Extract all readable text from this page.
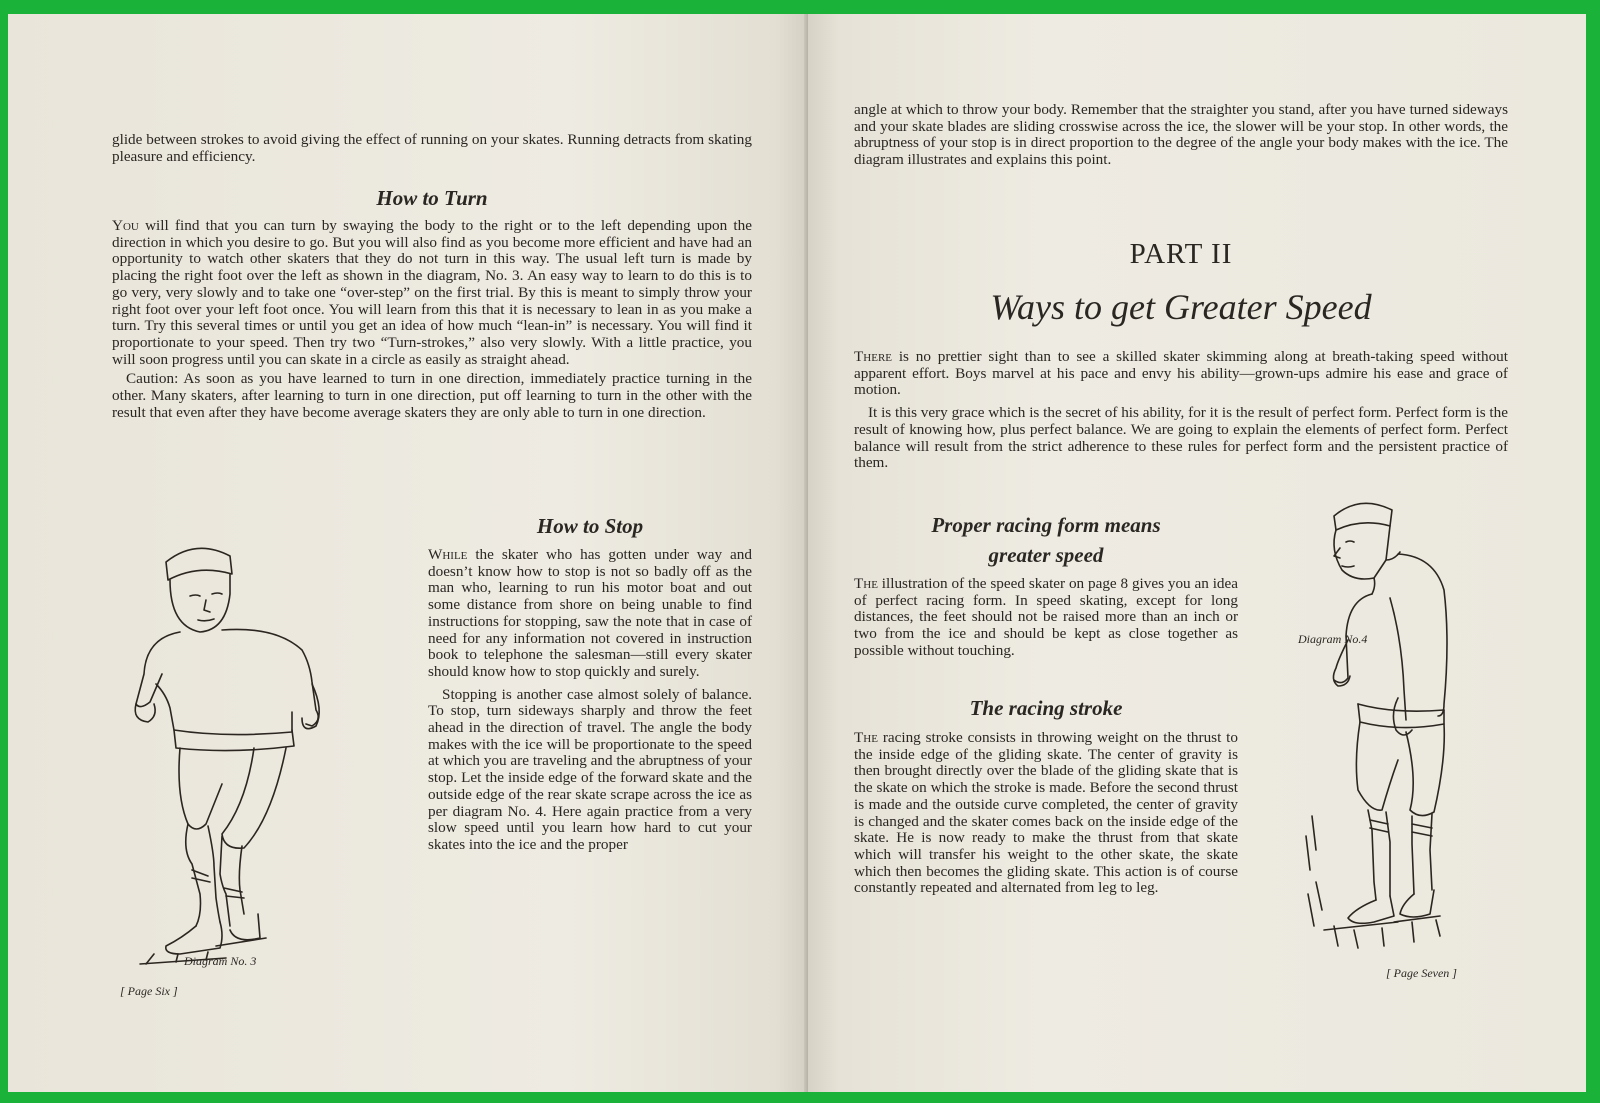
glide between strokes to avoid giving the effect of running on your skates. Running detracts from skating pleasure and efficiency.

How to Turn

You will find that you can turn by swaying the body to the right or to the left depending upon the direction in which you desire to go. But you will also find as you become more efficient and have had an opportunity to watch other skaters that they do not turn in this way. The usual left turn is made by placing the right foot over the left as shown in the diagram, No. 3. An easy way to learn to do this is to go very, very slowly and to take one “over-step” on the first trial. By this is meant to simply throw your right foot over your left foot once. You will learn from this that it is necessary to lean in as you make a turn. Try this several times or until you get an idea of how much “lean-in” is necessary. You will find it proportionate to your speed. Then try two “Turn-strokes,” also very slowly. With a little practice, you will soon progress until you can skate in a circle as easily as straight ahead.

Caution: As soon as you have learned to turn in one direction, immediately practice turning in the other. Many skaters, after learning to turn in one direction, put off learning to turn in the other with the result that even after they have become average skaters they are only able to turn in one direction.

How to Stop

While the skater who has gotten under way and doesn’t know how to stop is not so badly off as the man who, learning to run his motor boat and out some distance from shore on being unable to find instructions for stopping, saw the note that in case of need for any information not covered in instruction book to telephone the salesman—still every skater should know how to stop quickly and surely.

Stopping is another case almost solely of balance. To stop, turn sideways sharply and throw the feet ahead in the direction of travel. The angle the body makes with the ice will be proportionate to the speed at which you are traveling and the abruptness of your stop. Let the inside edge of the forward skate and the outside edge of the rear skate scrape across the ice as per diagram No. 4. Here again practice from a very slow speed until you learn how hard to cut your skates into the ice and the proper

Diagram No. 3
[ Page Six ]

angle at which to throw your body. Remember that the straighter you stand, after you have turned sideways and your skate blades are sliding crosswise across the ice, the slower will be your stop. In other words, the abruptness of your stop is in direct proportion to the degree of the angle your body makes with the ice. The diagram illustrates and explains this point.

PART II

Ways to get Greater Speed

There is no prettier sight than to see a skilled skater skimming along at breath-taking speed without apparent effort. Boys marvel at his pace and envy his ability—grown-ups admire his ease and grace of motion.

It is this very grace which is the secret of his ability, for it is the result of perfect form. Perfect form is the result of knowing how, plus perfect balance. We are going to explain the elements of perfect form. Perfect balance will result from the strict adherence to these rules for perfect form and the persistent practice of them.

Proper racing form means
greater speed

The illustration of the speed skater on page 8 gives you an idea of perfect racing form. In speed skating, except for long distances, the feet should not be raised more than an inch or two from the ice and should be kept as close together as possible without touching.

The racing stroke

The racing stroke consists in throwing weight on the thrust to the inside edge of the gliding skate. The center of gravity is then brought directly over the blade of the gliding skate that is the skate on which the stroke is made. Before the second thrust is made and the outside curve completed, the center of gravity is changed and the skater comes back on the inside edge of the skate. He is now ready to make the thrust from that skate which will transfer his weight to the other skate, the skate which then becomes the gliding skate. This action is of course constantly repeated and alternated from leg to leg.

Diagram No.4
[ Page Seven ]
